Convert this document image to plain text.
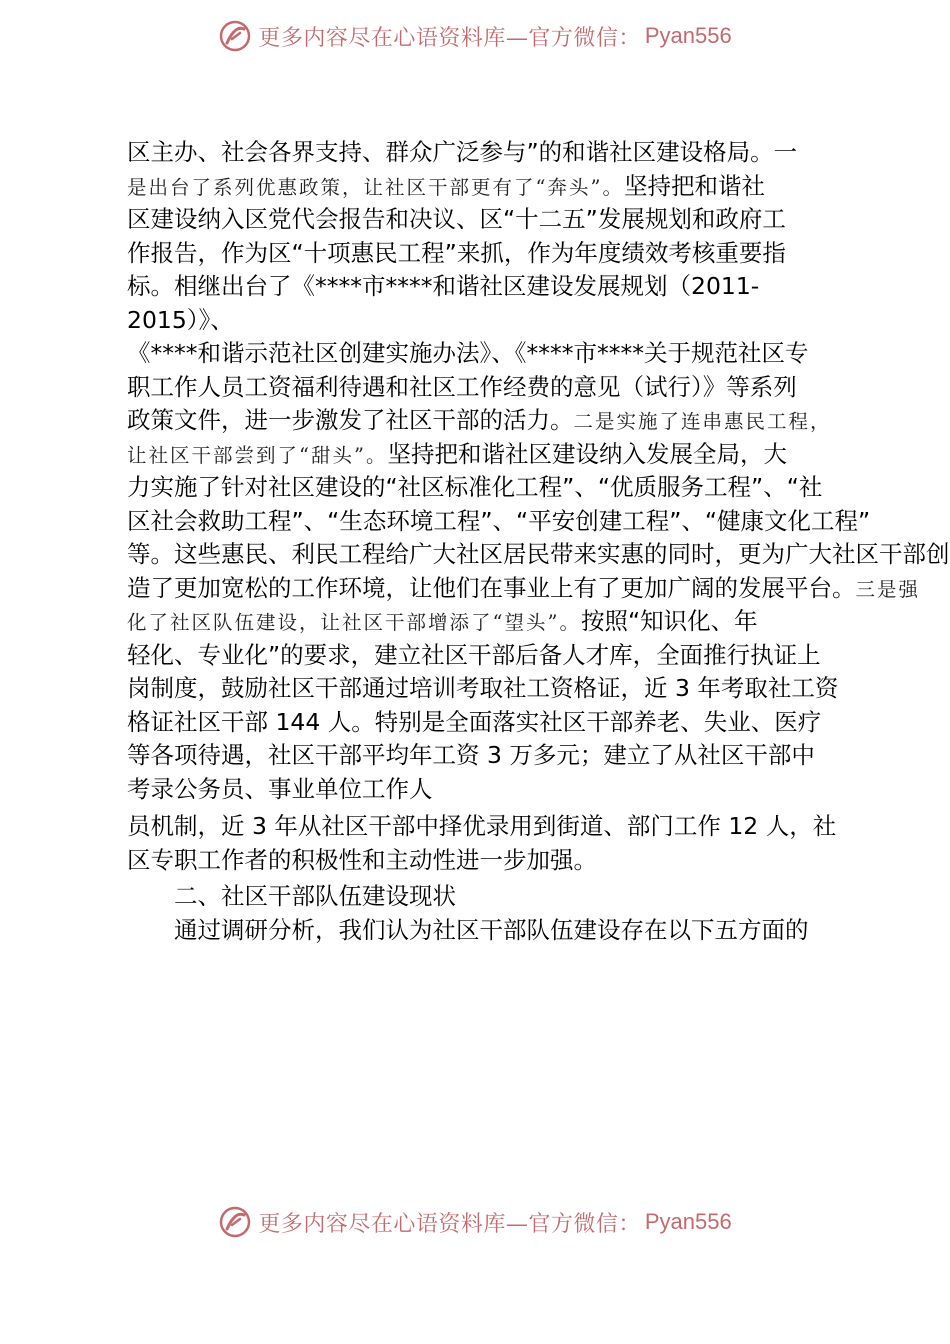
更多内容尽在心语资料库—官方微信： Pyan556
区主办、社会各界支持、群众广泛参与”的和谐社区建设格局。一
是出台了系列优惠政策，让社区干部更有了“奔头”。坚持把和谐社
区建设纳入区党代会报告和决议、区“十二五”发展规划和政府工
作报告，作为区“十项惠民工程”来抓，作为年度绩效考核重要指
标。相继出台了《****市****和谐社区建设发展规划（2011-
2015）》、
《****和谐示范社区创建实施办法》、《****市****关于规范社区专
职工作人员工资福利待遇和社区工作经费的意见（试行）》等系列
政策文件，进一步激发了社区干部的活力。二是实施了连串惠民工程，
让社区干部尝到了“甜头”。坚持把和谐社区建设纳入发展全局，大
力实施了针对社区建设的“社区标准化工程”、“优质服务工程”、“社
区社会救助工程”、“生态环境工程”、“平安创建工程”、“健康文化工程”
等。这些惠民、利民工程给广大社区居民带来实惠的同时，更为广大社区干部创
造了更加宽松的工作环境，让他们在事业上有了更加广阔的发展平台。三是强
化了社区队伍建设，让社区干部增添了“望头”。按照“知识化、年
轻化、专业化”的要求，建立社区干部后备人才库，全面推行执证上
岗制度，鼓励社区干部通过培训考取社工资格证，近 3 年考取社工资
格证社区干部 144 人。特别是全面落实社区干部养老、失业、医疗
等各项待遇，社区干部平均年工资 3 万多元；建立了从社区干部中
考录公务员、事业单位工作人
员机制，近 3 年从社区干部中择优录用到街道、部门工作 12 人，社
区专职工作者的积极性和主动性进一步加强。
二、社区干部队伍建设现状
通过调研分析，我们认为社区干部队伍建设存在以下五方面的
更多内容尽在心语资料库—官方微信： Pyan556
